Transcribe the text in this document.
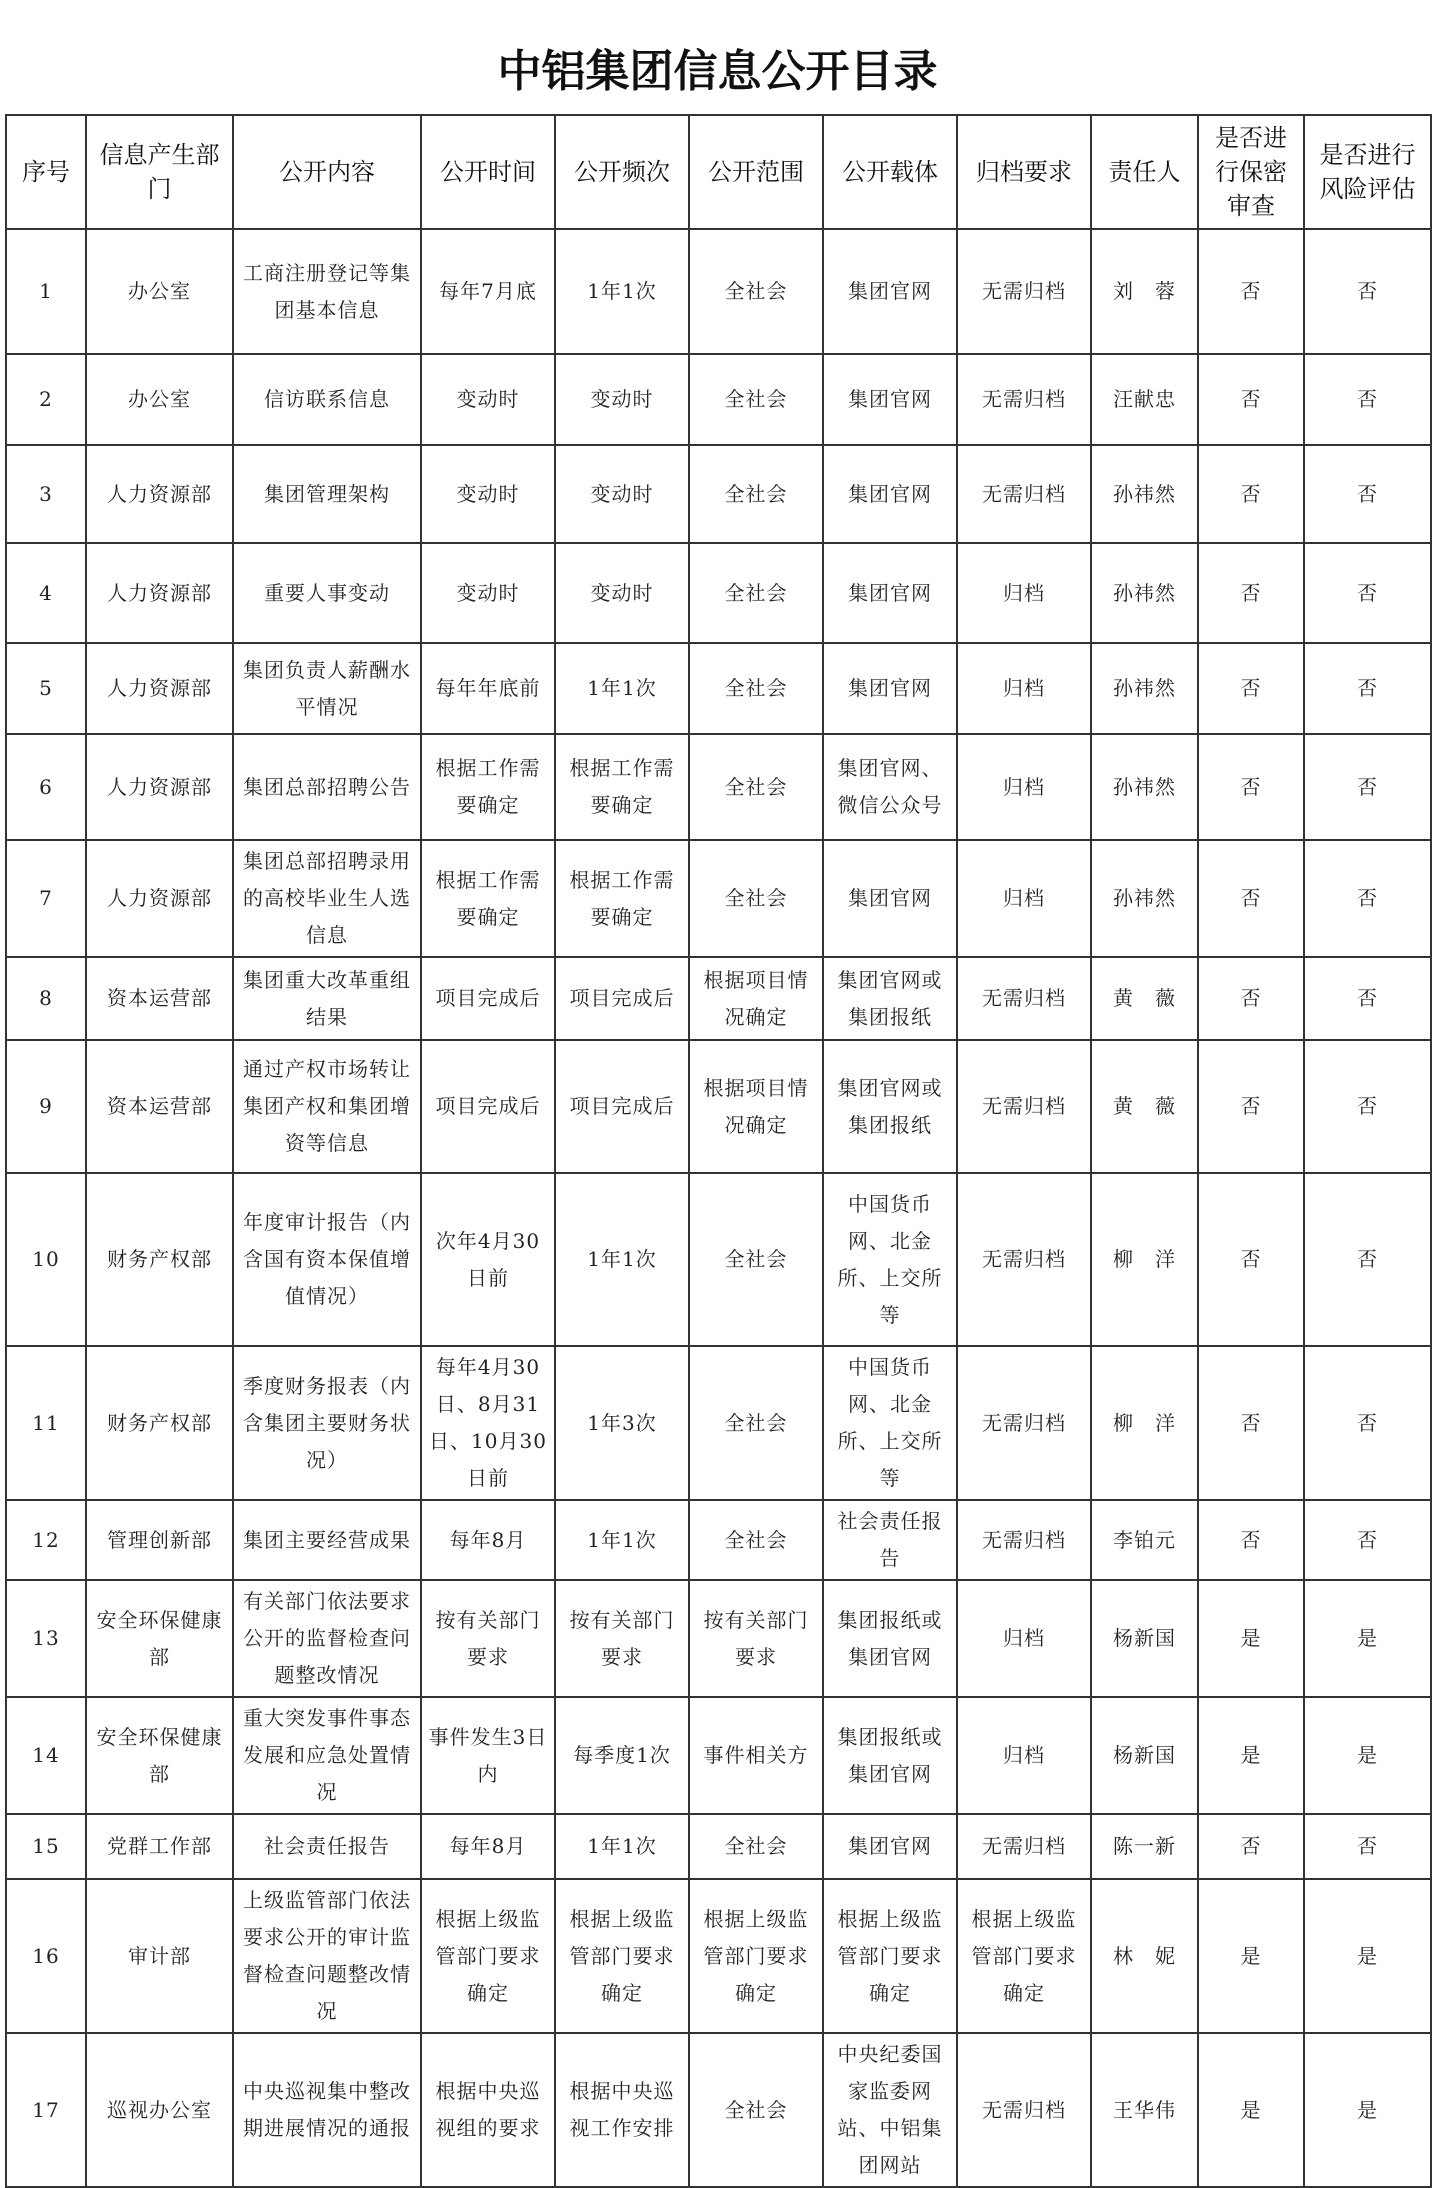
中铝集团信息公开目录
序号	信息产生部门	公开内容	公开时间	公开频次	公开范围	公开载体	归档要求	责任人	是否进行保密审查	是否进行风险评估
1	办公室	工商注册登记等集团基本信息	每年7月底	1年1次	全社会	集团官网	无需归档	刘　蓉	否	否
2	办公室	信访联系信息	变动时	变动时	全社会	集团官网	无需归档	汪献忠	否	否
3	人力资源部	集团管理架构	变动时	变动时	全社会	集团官网	无需归档	孙祎然	否	否
4	人力资源部	重要人事变动	变动时	变动时	全社会	集团官网	归档	孙祎然	否	否
5	人力资源部	集团负责人薪酬水平情况	每年年底前	1年1次	全社会	集团官网	归档	孙祎然	否	否
6	人力资源部	集团总部招聘公告	根据工作需要确定	根据工作需要确定	全社会	集团官网、微信公众号	归档	孙祎然	否	否
7	人力资源部	集团总部招聘录用的高校毕业生人选信息	根据工作需要确定	根据工作需要确定	全社会	集团官网	归档	孙祎然	否	否
8	资本运营部	集团重大改革重组结果	项目完成后	项目完成后	根据项目情况确定	集团官网或集团报纸	无需归档	黄　薇	否	否
9	资本运营部	通过产权市场转让集团产权和集团增资等信息	项目完成后	项目完成后	根据项目情况确定	集团官网或集团报纸	无需归档	黄　薇	否	否
10	财务产权部	年度审计报告（内含国有资本保值增值情况）	次年4月30日前	1年1次	全社会	中国货币网、北金所、上交所等	无需归档	柳　洋	否	否
11	财务产权部	季度财务报表（内含集团主要财务状况）	每年4月30日、8月31日、10月30日前	1年3次	全社会	中国货币网、北金所、上交所等	无需归档	柳　洋	否	否
12	管理创新部	集团主要经营成果	每年8月	1年1次	全社会	社会责任报告	无需归档	李铂元	否	否
13	安全环保健康部	有关部门依法要求公开的监督检查问题整改情况	按有关部门要求	按有关部门要求	按有关部门要求	集团报纸或集团官网	归档	杨新国	是	是
14	安全环保健康部	重大突发事件事态发展和应急处置情况	事件发生3日内	每季度1次	事件相关方	集团报纸或集团官网	归档	杨新国	是	是
15	党群工作部	社会责任报告	每年8月	1年1次	全社会	集团官网	无需归档	陈一新	否	否
16	审计部	上级监管部门依法要求公开的审计监督检查问题整改情况	根据上级监管部门要求确定	根据上级监管部门要求确定	根据上级监管部门要求确定	根据上级监管部门要求确定	根据上级监管部门要求确定	林　妮	是	是
17	巡视办公室	中央巡视集中整改期进展情况的通报	根据中央巡视组的要求	根据中央巡视工作安排	全社会	中央纪委国家监委网站、中铝集团网站	无需归档	王华伟	是	是
